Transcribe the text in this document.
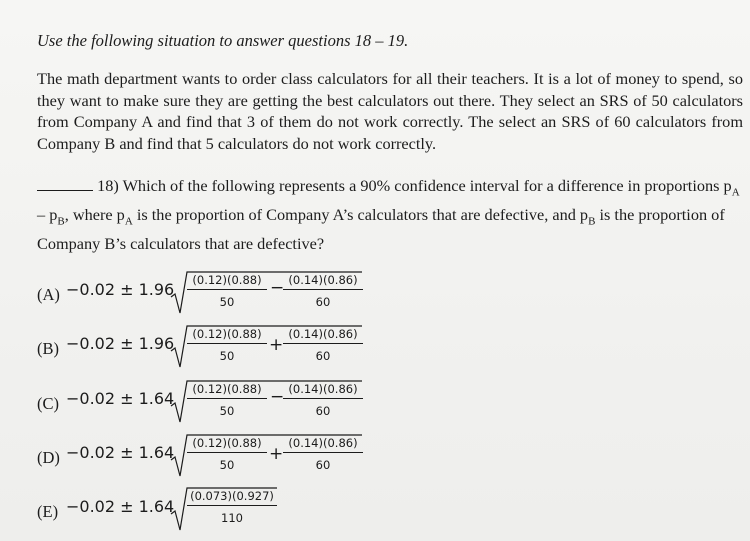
Use the following situation to answer questions 18 – 19.
The math department wants to order class calculators for all their teachers. It is a lot of money to spend, so they want to make sure they are getting the best calculators out there. They select an SRS of 50 calculators from Company A and find that 3 of them do not work correctly. The select an SRS of 60 calculators from Company B and find that 5 calculators do not work correctly.
18) Which of the following represents a 90% confidence interval for a difference in proportions $p_A - p_B$, where $p_A$ is the proportion of Company A’s calculators that are defective, and $p_B$ is the proportion of Company B’s calculators that are defective?
(A) −0.02 ± 1.96	(0.12)(0.88)
50
− (0.14)(0.86)
60
(B) −0.02 ± 1.96	(0.12)(0.88)
50
+
(0.14)(0.86)
60
(C) −0.02 ± 1.64	(0.12)(0.88)
50
− (0.14)(0.86)
60
(D) −0.02 ± 1.64	(0.12)(0.88)
50
+
(0.14)(0.86)
60
(E) −0.02 ± 1.64
(0.073)(0.927)
110
